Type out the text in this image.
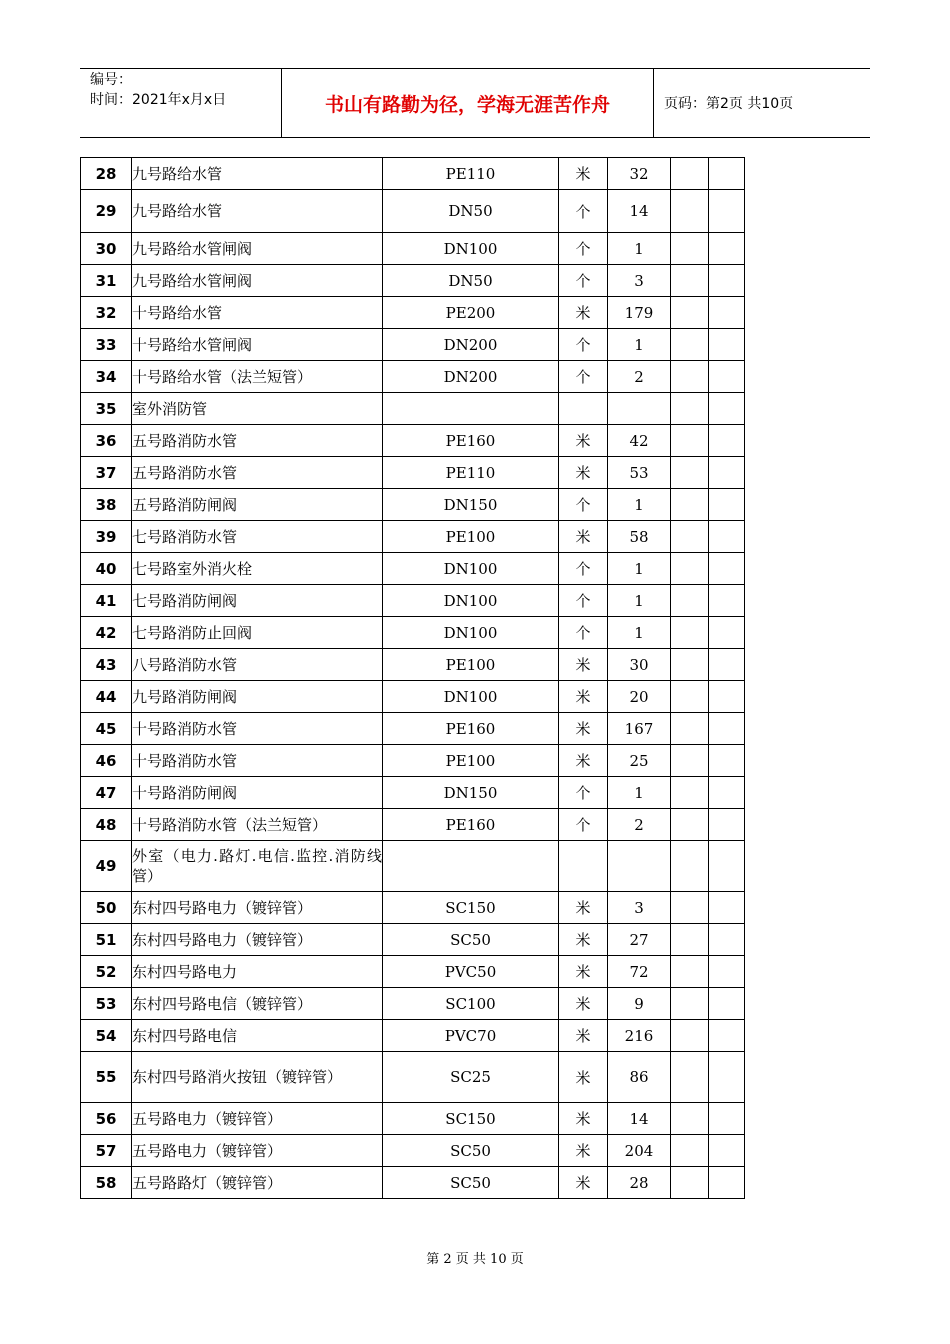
编号：
时间：2021年x月x日	书山有路勤为径，学海无涯苦作舟	页码：第2页 共10页
28	九号路给水管	PE110	米	32		
29	九号路给水管	DN50	个	14		
30	九号路给水管闸阀	DN100	个	1		
31	九号路给水管闸阀	DN50	个	3		
32	十号路给水管	PE200	米	179		
33	十号路给水管闸阀	DN200	个	1		
34	十号路给水管（法兰短管）	DN200	个	2		
35	室外消防管					
36	五号路消防水管	PE160	米	42		
37	五号路消防水管	PE110	米	53		
38	五号路消防闸阀	DN150	个	1		
39	七号路消防水管	PE100	米	58		
40	七号路室外消火栓	DN100	个	1		
41	七号路消防闸阀	DN100	个	1		
42	七号路消防止回阀	DN100	个	1		
43	八号路消防水管	PE100	米	30		
44	九号路消防闸阀	DN100	米	20		
45	十号路消防水管	PE160	米	167		
46	十号路消防水管	PE100	米	25		
47	十号路消防闸阀	DN150	个	1		
48	十号路消防水管（法兰短管）	PE160	个	2		
49	外室（电力.路灯.电信.监控.消防线管）					
50	东村四号路电力（镀锌管）	SC150	米	3		
51	东村四号路电力（镀锌管）	SC50	米	27		
52	东村四号路电力	PVC50	米	72		
53	东村四号路电信（镀锌管）	SC100	米	9		
54	东村四号路电信	PVC70	米	216		
55	东村四号路消火按钮（镀锌管）	SC25	米	86		
56	五号路电力（镀锌管）	SC150	米	14		
57	五号路电力（镀锌管）	SC50	米	204		
58	五号路路灯（镀锌管）	SC50	米	28		
第 2 页 共 10 页
